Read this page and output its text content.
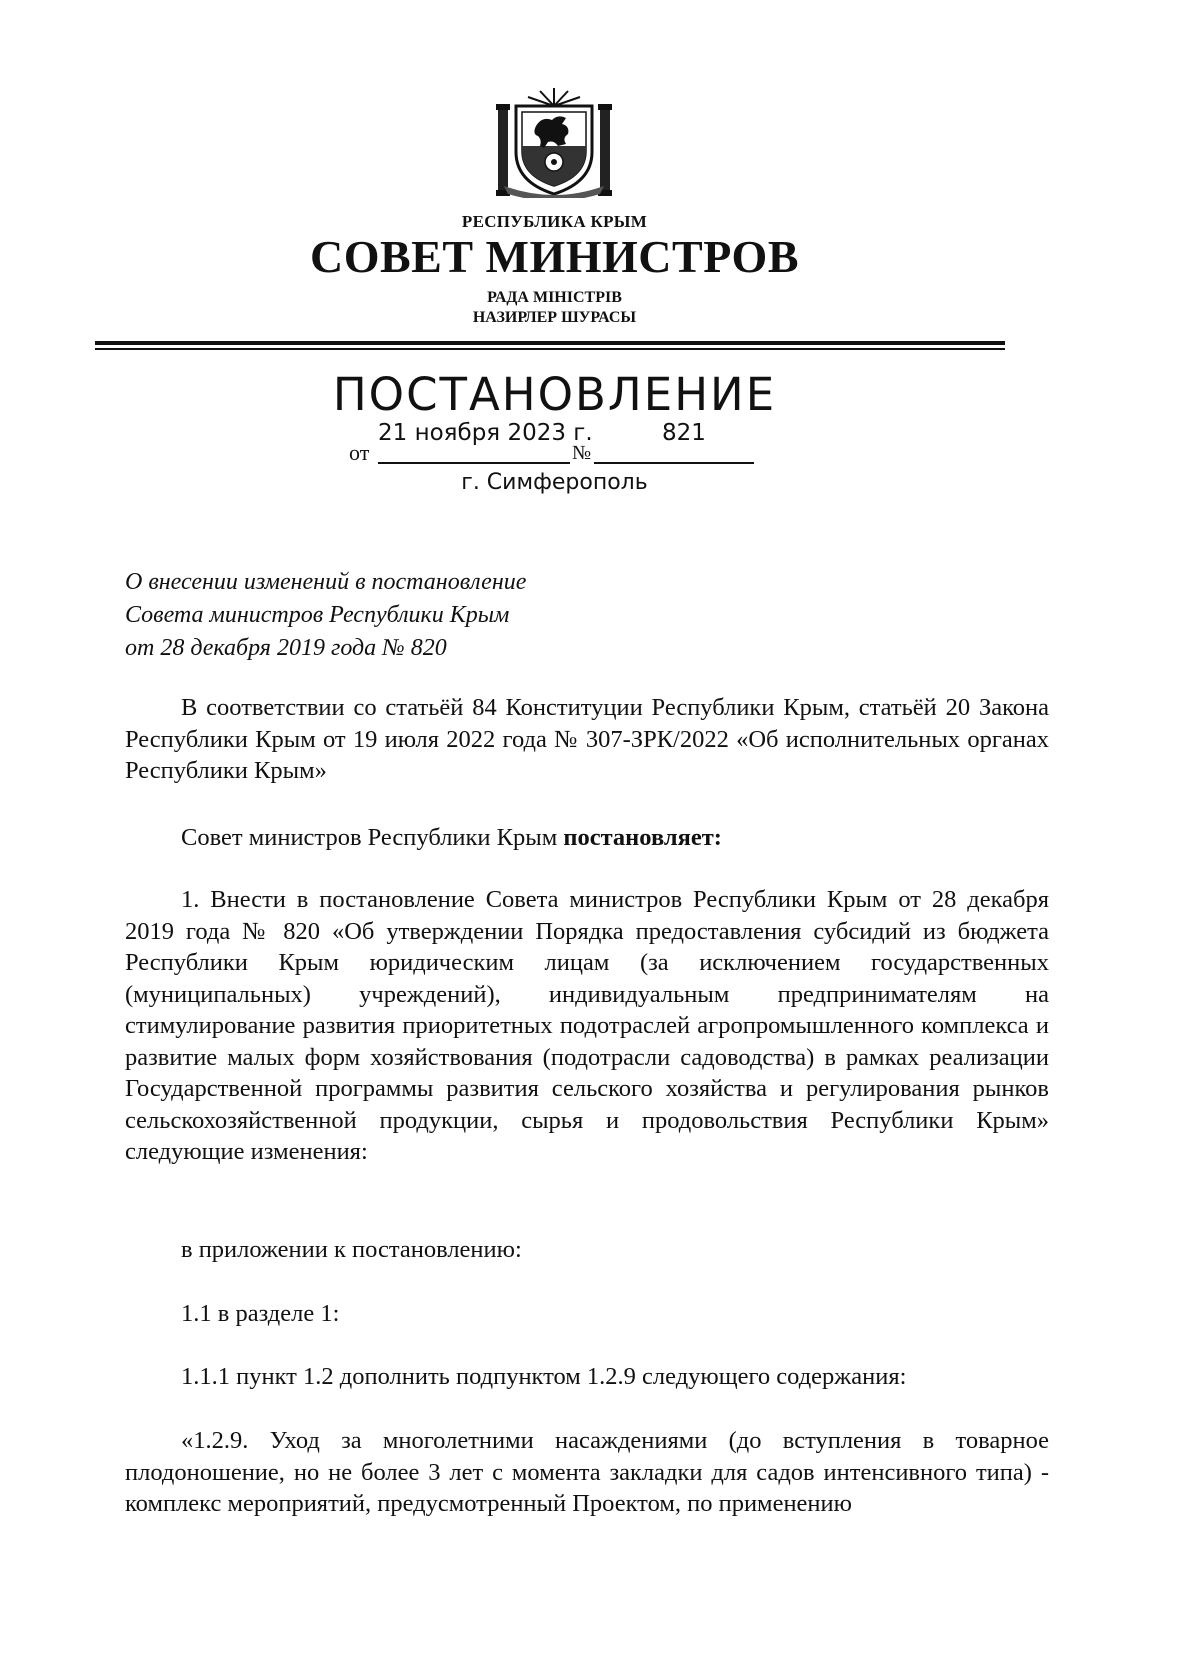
РЕСПУБЛИКА КРЫМ
СОВЕТ МИНИСТРОВ
РАДА МІНІСТРІВ
НАЗИРЛЕР ШУРАСЫ
ПОСТАНОВЛЕНИЕ
21 ноября 2023 г.
от	№
821
г. Симферополь
О внесении изменений в постановление
Совета министров Республики Крым
от 28 декабря 2019 года № 820
В соответствии со статьёй 84 Конституции Республики Крым, статьёй 20 Закона Республики Крым от 19 июля 2022 года № 307-ЗРК/2022 «Об исполнительных органах Республики Крым»
Совет министров Республики Крым постановляет:
1. Внести в постановление Совета министров Республики Крым от 28 декабря 2019 года № 820 «Об утверждении Порядка предоставления субсидий из бюджета Республики Крым юридическим лицам (за исключением государственных (муниципальных) учреждений), индивидуальным предпринимателям на стимулирование развития приоритетных подотраслей агропромышленного комплекса и развитие малых форм хозяйствования (подотрасли садоводства) в рамках реализации Государственной программы развития сельского хозяйства и регулирования рынков сельскохозяйственной продукции, сырья и продовольствия Республики Крым» следующие изменения:
в приложении к постановлению:
1.1 в разделе 1:
1.1.1 пункт 1.2 дополнить подпунктом 1.2.9 следующего содержания:
«1.2.9. Уход за многолетними насаждениями (до вступления в товарное плодоношение, но не более 3 лет с момента закладки для садов интенсивного типа) - комплекс мероприятий, предусмотренный Проектом, по применению
